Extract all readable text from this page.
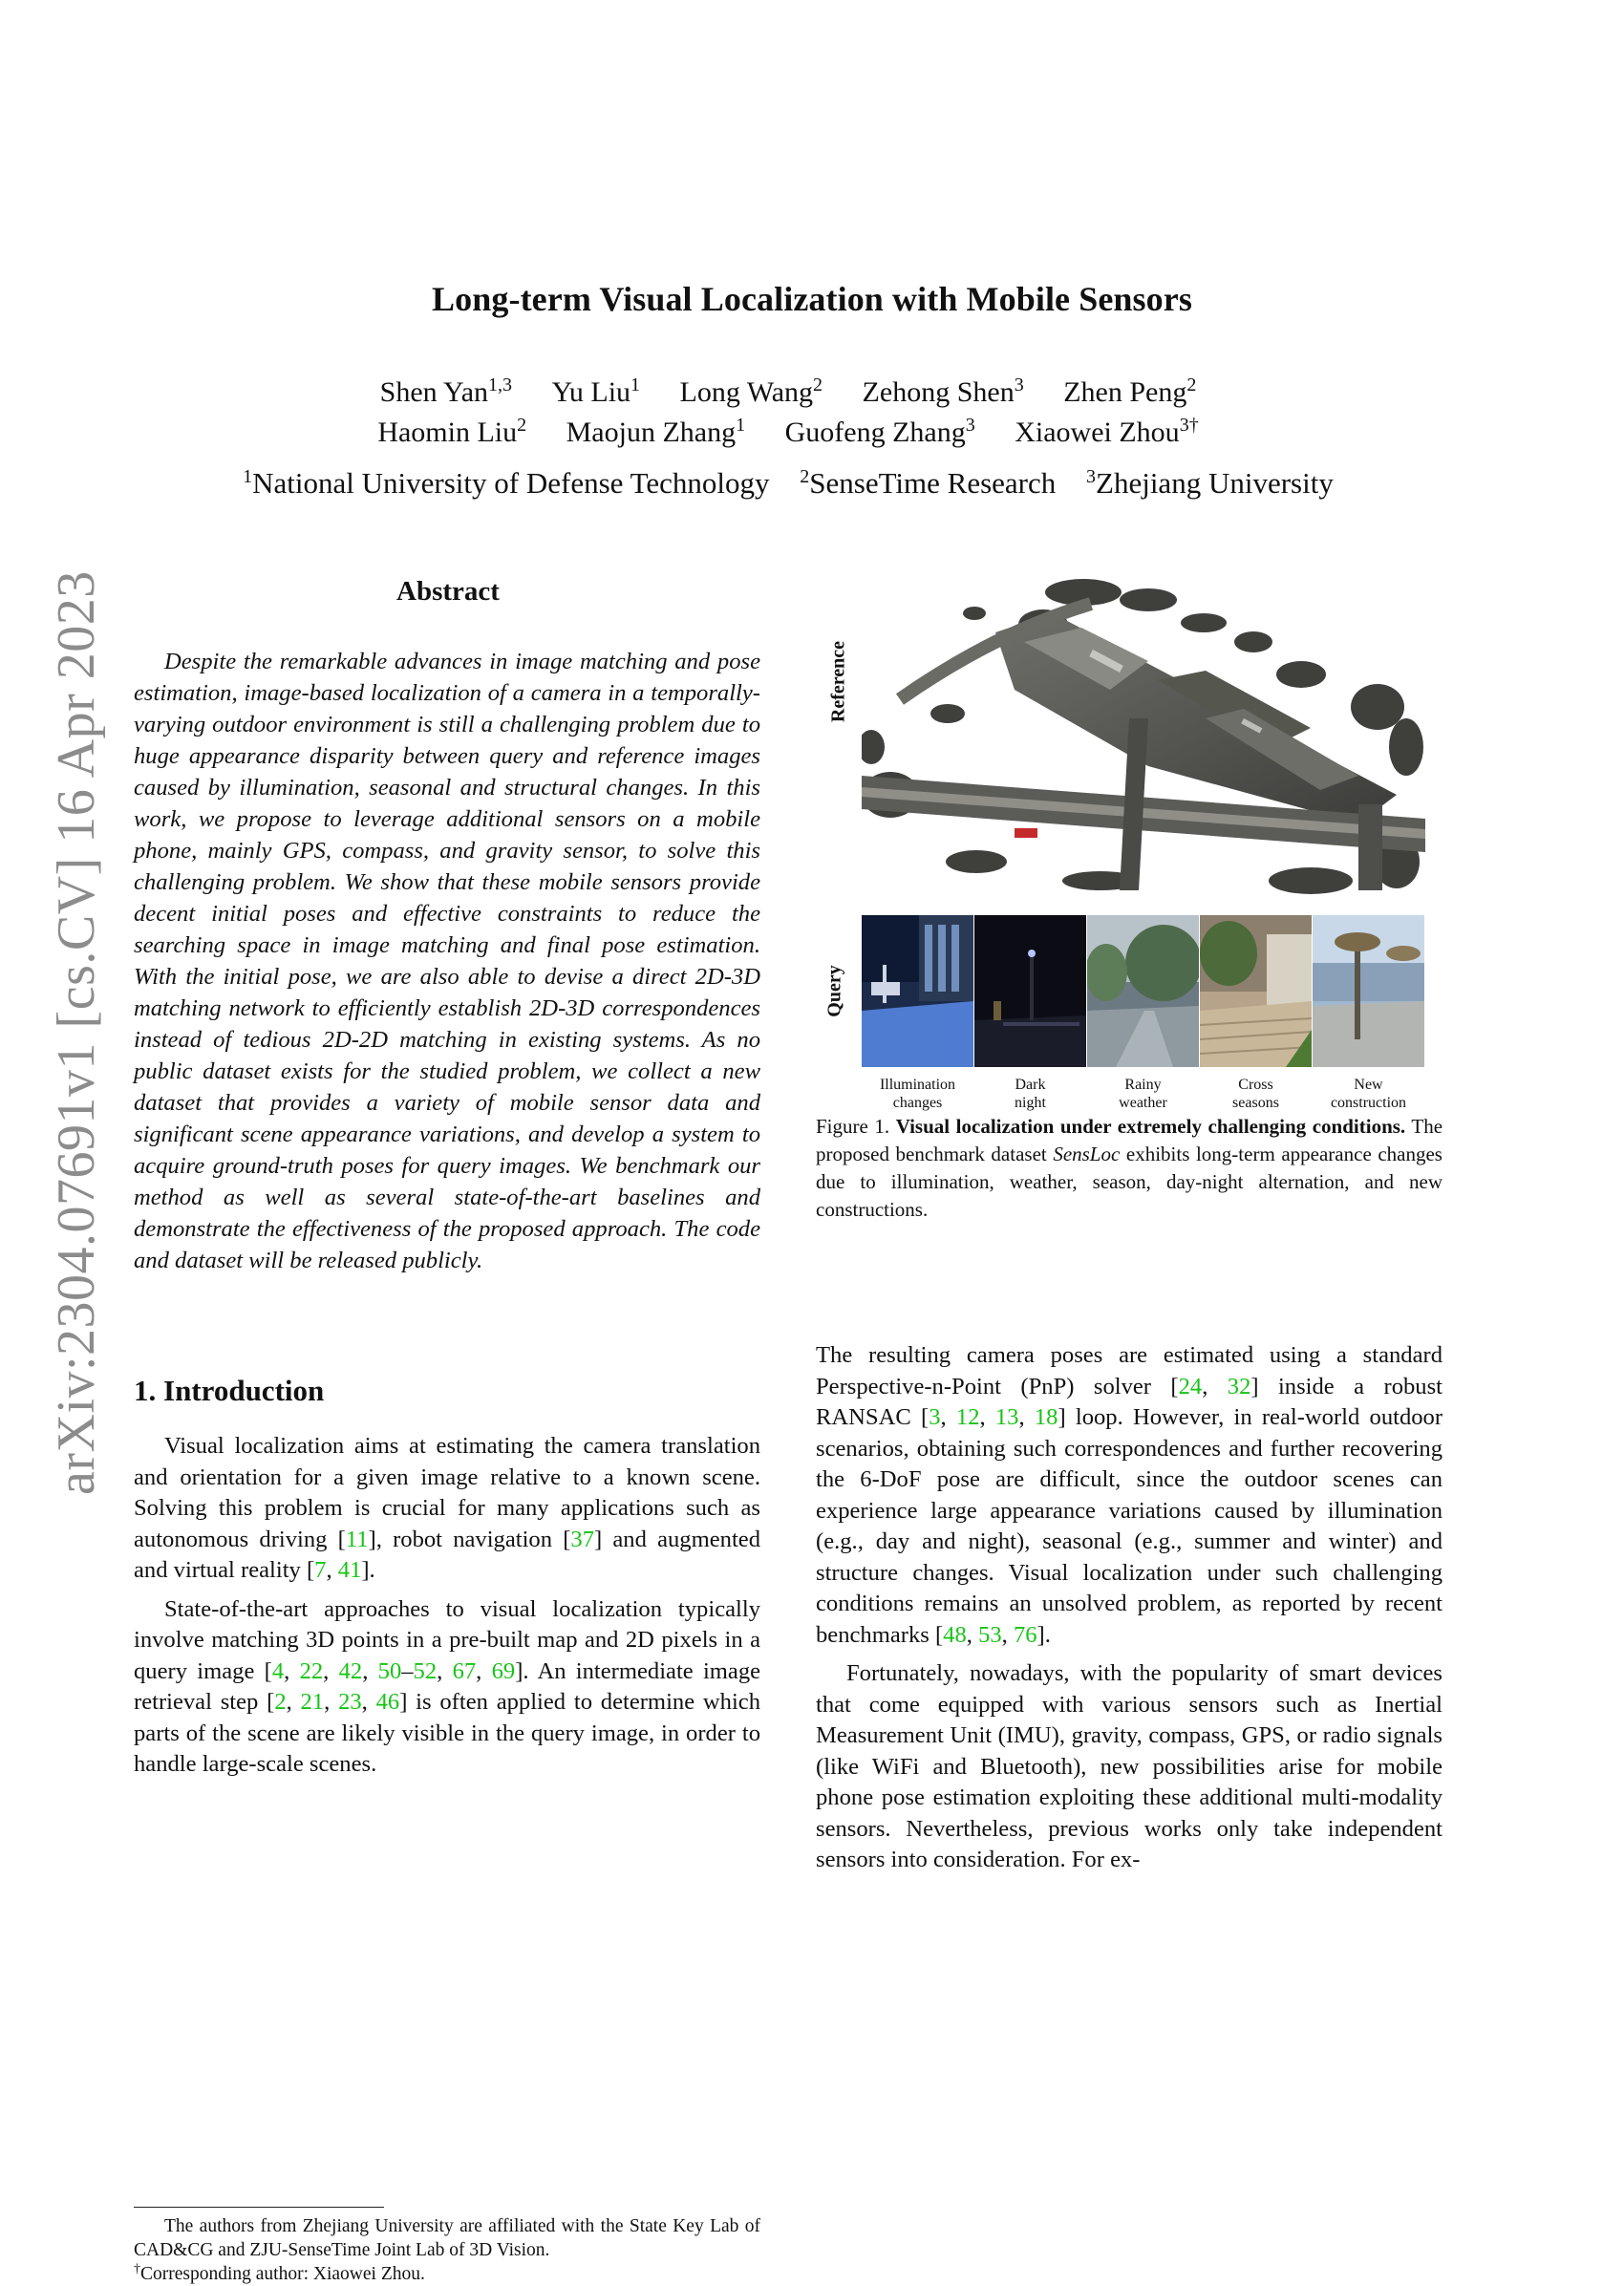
Long-term Visual Localization with Mobile Sensors
Shen Yan$^{1,3}$ Yu Liu$^1$ Long Wang$^2$ Zehong Shen$^3$ Zhen Peng$^2$
Haomin Liu$^2$ Maojun Zhang$^1$ Guofeng Zhang$^3$ Xiaowei Zhou$^{3\dagger}$
$^1$National University of Defense Technology $^2$SenseTime Research $^3$Zhejiang University
arXiv:2304.07691v1 [cs.CV] 16 Apr 2023	Abstract
Despite the remarkable advances in image matching and pose estimation, image-based localization of a camera in a temporally-varying outdoor environment is still a challenging problem due to huge appearance disparity between query and reference images caused by illumination, seasonal and structural changes. In this work, we propose to leverage additional sensors on a mobile phone, mainly GPS, compass, and gravity sensor, to solve this challenging problem. We show that these mobile sensors provide decent initial poses and effective constraints to reduce the searching space in image matching and final pose estimation. With the initial pose, we are also able to devise a direct 2D-3D matching network to efficiently establish 2D-3D correspondences instead of tedious 2D-2D matching in existing systems. As no public dataset exists for the studied problem, we collect a new dataset that provides a variety of mobile sensor data and significant scene appearance variations, and develop a system to acquire ground-truth poses for query images. We benchmark our method as well as several state-of-the-art baselines and demonstrate the effectiveness of the proposed approach. The code and dataset will be released publicly.
1. Introduction

Visual localization aims at estimating the camera translation and orientation for a given image relative to a known scene. Solving this problem is crucial for many applications such as autonomous driving [11], robot navigation [37] and augmented and virtual reality [7, 41].

State-of-the-art approaches to visual localization typically involve matching 3D points in a pre-built map and 2D pixels in a query image [4, 22, 42, 50–52, 67, 69]. An intermediate image retrieval step [2, 21, 23, 46] is often applied to determine which parts of the scene are likely visible in the query image, in order to handle large-scale scenes.

The authors from Zhejiang University are affiliated with the State Key Lab of CAD&CG and ZJU-SenseTime Joint Lab of 3D Vision.

†Corresponding author: Xiaowei Zhou.

Reference
Query
Illumination
changes
Dark
night
Rainy
weather
Cross
seasons
New
construction
Figure 1. Visual localization under extremely challenging conditions. The proposed benchmark dataset SensLoc exhibits long-term appearance changes due to illumination, weather, season, day-night alternation, and new constructions.

The resulting camera poses are estimated using a standard Perspective-n-Point (PnP) solver [24, 32] inside a robust RANSAC [3, 12, 13, 18] loop. However, in real-world outdoor scenarios, obtaining such correspondences and further recovering the 6-DoF pose are difficult, since the outdoor scenes can experience large appearance variations caused by illumination (e.g., day and night), seasonal (e.g., summer and winter) and structure changes. Visual localization under such challenging conditions remains an unsolved problem, as reported by recent benchmarks [48, 53, 76].

Fortunately, nowadays, with the popularity of smart devices that come equipped with various sensors such as Inertial Measurement Unit (IMU), gravity, compass, GPS, or radio signals (like WiFi and Bluetooth), new possibilities arise for mobile phone pose estimation exploiting these additional multi-modality sensors. Nevertheless, previous works only take independent sensors into consideration. For ex-
